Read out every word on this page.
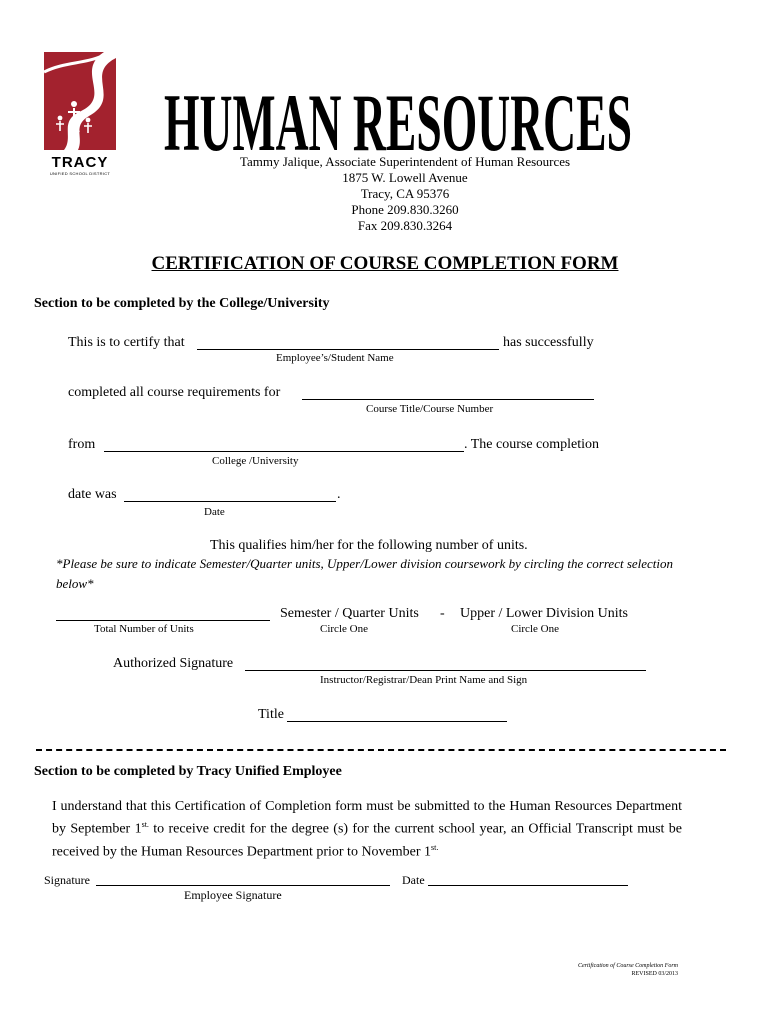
TRACY
UNIFIED SCHOOL DISTRICT
HUMAN RESOURCES
Tammy Jalique, Associate Superintendent of Human Resources
1875 W. Lowell Avenue
Tracy, CA 95376
Phone 209.830.3260
Fax 209.830.3264
CERTIFICATION OF COURSE COMPLETION FORM
Section to be completed by the College/University
This is to certify that	has successfully
Employee’s/Student Name
completed all course requirements for
Course Title/Course Number
from	. The course completion
College /University
date was	.
Date
This qualifies him/her for the following number of units.
*Please be sure to indicate Semester/Quarter units, Upper/Lower division coursework by circling the correct selection below*
Semester / Quarter Units - Upper / Lower Division Units
Total Number of Units	Circle One	Circle One
Authorized Signature
Instructor/Registrar/Dean Print Name and Sign
Title
Section to be completed by Tracy Unified Employee
I understand that this Certification of Completion form must be submitted to the Human Resources Department by September $1^{st.}$ to receive credit for the degree (s) for the current school year, an Official Transcript must be received by the Human Resources Department prior to November $1^{st.}$
Signature	Date
Employee Signature
Certification of Course Completion Form
REVISED 03/2013
